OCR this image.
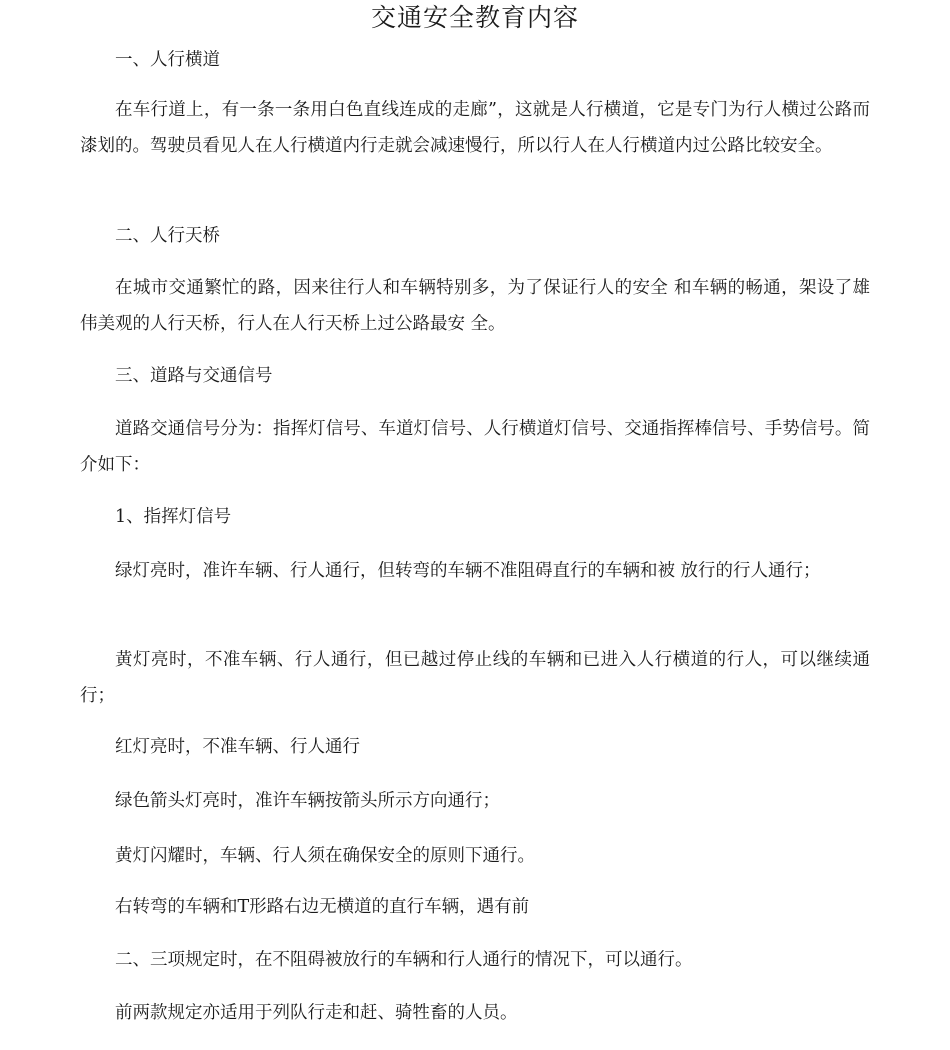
交通安全教育内容
一、人行横道
在车行道上，有一条一条用白色直线连成的走廊”，这就是人行横道，它是专门为行人横过公路而漆划的。驾驶员看见人在人行横道内行走就会减速慢行，所以行人在人行横道内过公路比较安全。
二、人行天桥
在城市交通繁忙的路，因来往行人和车辆特别多，为了保证行人的安全 和车辆的畅通，架设了雄伟美观的人行天桥，行人在人行天桥上过公路最安 全。
三、道路与交通信号
道路交通信号分为：指挥灯信号、车道灯信号、人行横道灯信号、交通指挥棒信号、手势信号。简介如下：
1、指挥灯信号
绿灯亮时，准许车辆、行人通行，但转弯的车辆不准阻碍直行的车辆和被 放行的行人通行；
黄灯亮时，不准车辆、行人通行，但已越过停止线的车辆和已进入人行横道的行人，可以继续通行；
红灯亮时，不准车辆、行人通行
绿色箭头灯亮时，准许车辆按箭头所示方向通行；
黄灯闪耀时，车辆、行人须在确保安全的原则下通行。
右转弯的车辆和T形路右边无横道的直行车辆，遇有前
二、三项规定时，在不阻碍被放行的车辆和行人通行的情况下，可以通行。
前两款规定亦适用于列队行走和赶、骑牲畜的人员。
